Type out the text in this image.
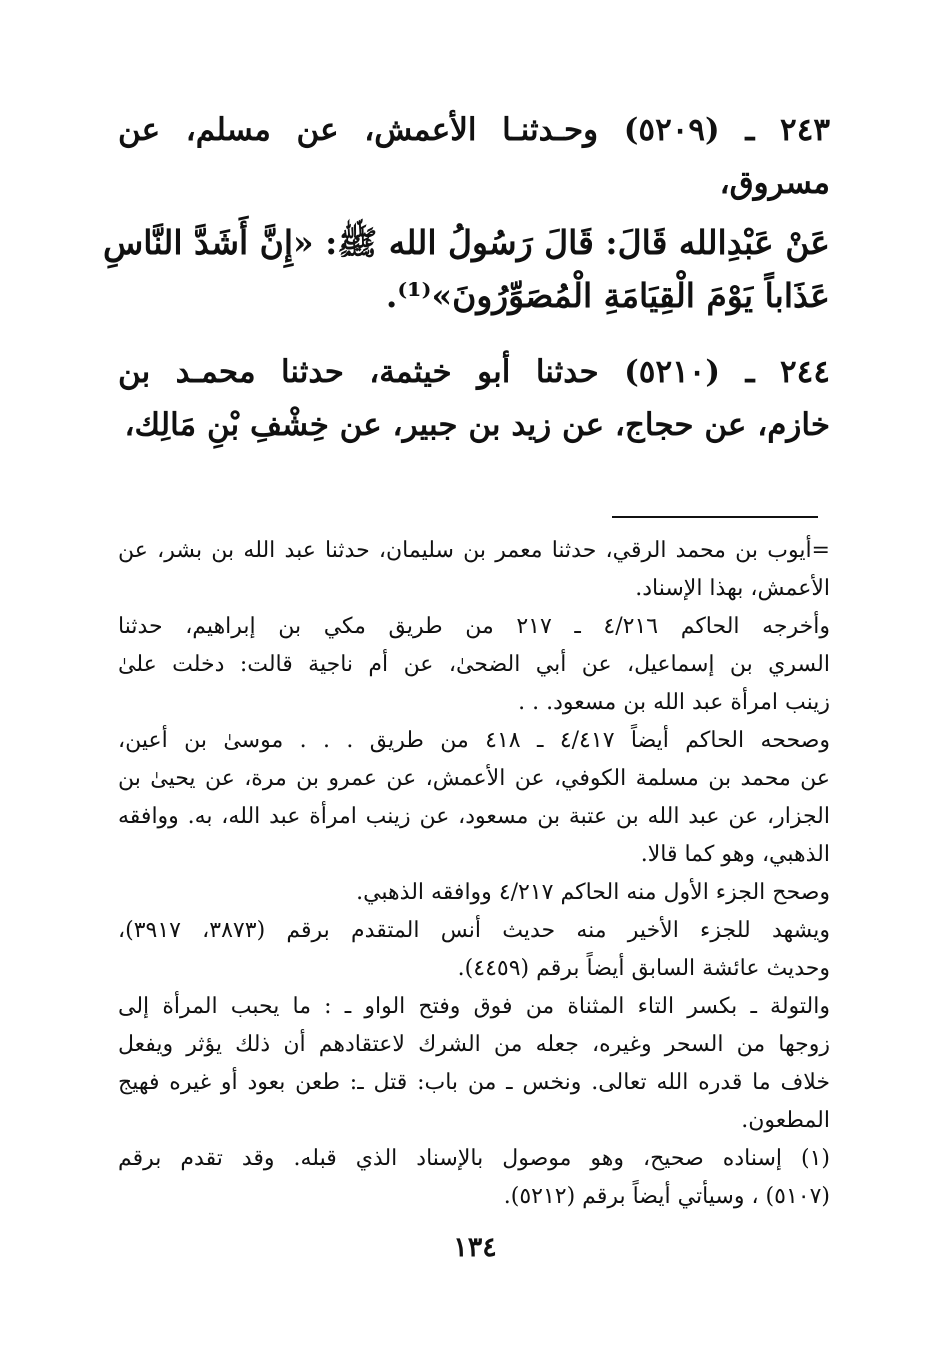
٢٤٣ ـ (٥٢٠٩) وحـدثنـا الأعمش، عن مسلم، عن
مسروق،
عَنْ عَبْدِالله قَالَ: قَالَ رَسُولُ الله ﷺ: «إِنَّ أَشَدَّ النَّاسِ
عَذَاباً يَوْمَ الْقِيَامَةِ الْمُصَوِّرُونَ»⁽¹⁾.
٢٤٤ ـ (٥٢١٠) حدثنا أبو خيثمة، حدثنا محمـد بن
خازم، عن حجاج، عن زيد بن جبير، عن خِشْفِ بْنِ مَالِك،

=أيوب بن محمد الرقي، حدثنا معمر بن سليمان، حدثنا عبد الله بن بشر، عن
الأعمش، بهذا الإسناد.

وأخرجه الحاكم ٤/٢١٦ ـ ٢١٧ من طريق مكي بن إبراهيم، حدثنا
السري بن إسماعيل، عن أبي الضحىٰ، عن أم ناجية قالت: دخلت علىٰ
زينب امرأة عبد الله بن مسعود. . .

وصححه الحاكم أيضاً ٤/٤١٧ ـ ٤١٨ من طريق . . . موسىٰ بن أعين،
عن محمد بن مسلمة الكوفي، عن الأعمش، عن عمرو بن مرة، عن يحيىٰ بن
الجزار، عن عبد الله بن عتبة بن مسعود، عن زينب امرأة عبد الله، به. ووافقه
الذهبي، وهو كما قالا.

وصحح الجزء الأول منه الحاكم ٤/٢١٧ ووافقه الذهبي.

ويشهد للجزء الأخير منه حديث أنس المتقدم برقم (٣٨٧٣، ٣٩١٧)،
وحديث عائشة السابق أيضاً برقم (٤٤٥٩).

والتولة ـ بكسر التاء المثناة من فوق وفتح الواو ـ : ما يحبب المرأة إلى
زوجها من السحر وغيره، جعله من الشرك لاعتقادهم أن ذلك يؤثر ويفعل
خلاف ما قدره الله تعالى. ونخس ـ من باب: قتل ـ: طعن بعود أو غيره فهيج
المطعون.

(١) إسناده صحيح، وهو موصول بالإسناد الذي قبله. وقد تقدم برقم
(٥١٠٧) ، وسيأتي أيضاً برقم (٥٢١٢).

١٣٤
